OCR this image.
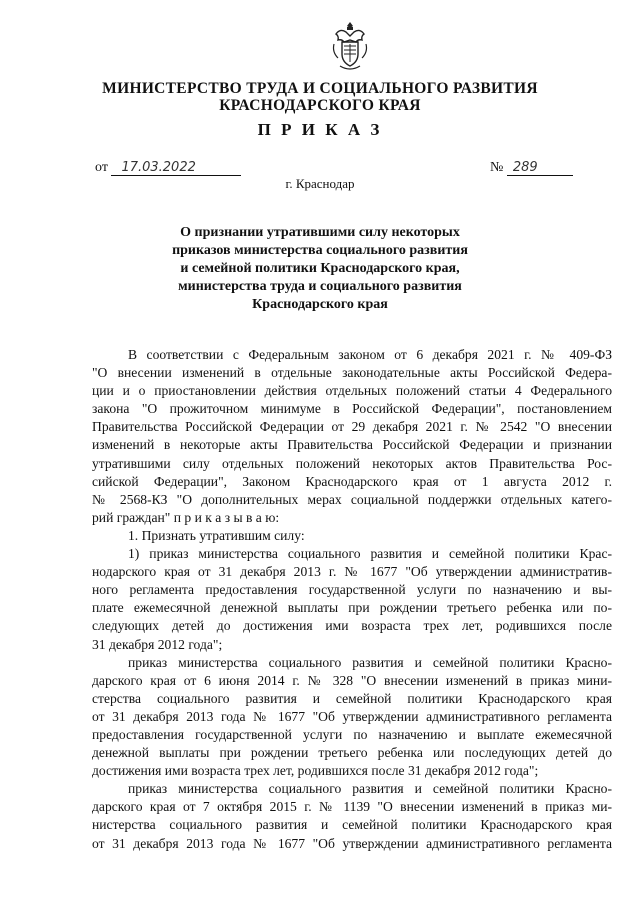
МИНИСТЕРСТВО ТРУДА И СОЦИАЛЬНОГО РАЗВИТИЯ
КРАСНОДАРСКОГО КРАЯ
П Р И К А З
от 17.03.2022	№ 289
г. Краснодар
О признании утратившими силу некоторых
приказов министерства социального развития
и семейной политики Краснодарского края,
министерства труда и социального развития
Краснодарского края
В соответствии с Федеральным законом от 6 декабря 2021 г. № 409-ФЗ
"О внесении изменений в отдельные законодательные акты Российской Федера-
ции и о приостановлении действия отдельных положений статьи 4 Федерального
закона "О прожиточном минимуме в Российской Федерации", постановлением
Правительства Российской Федерации от 29 декабря 2021 г. № 2542 "О внесении
изменений в некоторые акты Правительства Российской Федерации и признании
утратившими силу отдельных положений некоторых актов Правительства Рос-
сийской Федерации", Законом Краснодарского края от 1 августа 2012 г.
№ 2568-КЗ "О дополнительных мерах социальной поддержки отдельных катего-
рий граждан" п р и к а з ы в а ю:
1. Признать утратившим силу:
1) приказ министерства социального развития и семейной политики Крас-
нодарского края от 31 декабря 2013 г. № 1677 "Об утверждении административ-
ного регламента предоставления государственной услуги по назначению и вы-
плате ежемесячной денежной выплаты при рождении третьего ребенка или по-
следующих детей до достижения ими возраста трех лет, родившихся после
31 декабря 2012 года";
приказ министерства социального развития и семейной политики Красно-
дарского края от 6 июня 2014 г. № 328 "О внесении изменений в приказ мини-
стерства социального развития и семейной политики Краснодарского края
от 31 декабря 2013 года № 1677 "Об утверждении административного регламента
предоставления государственной услуги по назначению и выплате ежемесячной
денежной выплаты при рождении третьего ребенка или последующих детей до
достижения ими возраста трех лет, родившихся после 31 декабря 2012 года";
приказ министерства социального развития и семейной политики Красно-
дарского края от 7 октября 2015 г. № 1139 "О внесении изменений в приказ ми-
нистерства социального развития и семейной политики Краснодарского края
от 31 декабря 2013 года № 1677 "Об утверждении административного регламента
